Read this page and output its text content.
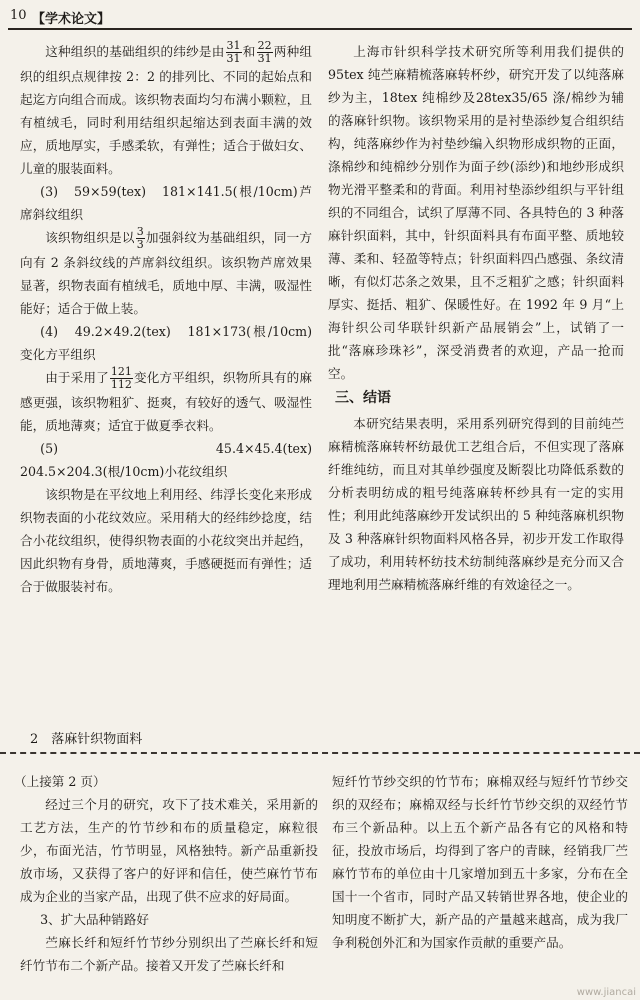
10 【学术论文】

这种组织的基础组织的纬纱是由 $\frac{31}{31}$ 和 $\frac{22}{31}$ 两种组织的组织点规律按 2：2 的排列比、不同的起始点和起迄方向组合而成。该织物表面均匀布满小颗粒，且有植绒毛，同时利用结组织起缩达到表面丰满的效应，质地厚实，手感柔软，有弹性；适合于做妇女、儿童的服装面料。

(3)　59×59(tex)　181×141.5(根/10cm)芦席斜纹组织

该织物组织是以 $\frac{3}{3}$ 加强斜纹为基础组织，同一方向有 2 条斜纹线的芦席斜纹组织。该织物芦席效果显著，织物表面有植绒毛，质地中厚、丰满，吸湿性能好；适合于做上装。

(4)　49.2×49.2(tex)　181×173(根/10cm)变化方平组织

由于采用了 $\frac{121}{112}$ 变化方平组织，织物所具有的麻感更强，该织物粗犷、挺爽，有较好的透气、吸湿性能，质地薄爽；适宜于做夏季衣料。

(5)　45.4×45.4(tex)　204.5×204.3(根/10cm)小花纹组织

该织物是在平纹地上利用经、纬浮长变化来形成织物表面的小花纹效应。采用稍大的经纬纱捻度，结合小花纹组织，使得织物表面的小花纹突出并起绉，因此织物有身骨，质地薄爽，手感硬挺而有弹性；适合于做服装衬布。

上海市针织科学技术研究所等利用我们提供的 95tex 纯苎麻精梳落麻转杯纱，研究开发了以纯落麻纱为主，18tex 纯棉纱及28tex35/65 涤/棉纱为辅的落麻针织物。该织物采用的是衬垫添纱复合组织结构，纯落麻纱作为衬垫纱编入织物形成织物的正面，涤棉纱和纯棉纱分别作为面子纱(添纱)和地纱形成织物光滑平整柔和的背面。利用衬垫添纱组织与平针组织的不同组合，试织了厚薄不同、各具特色的 3 种落麻针织面料，其中，针织面料具有布面平整、质地较薄、柔和、轻盈等特点；针织面料四凸感强、条纹清晰，有似灯芯条之效果，且不乏粗犷之感；针织面料厚实、挺括、粗犷、保暖性好。在 1992 年 9 月“上海针织公司华联针织新产品展销会”上，试销了一批“落麻珍珠衫”，深受消费者的欢迎，产品一抢而空。

三、结语

本研究结果表明，采用系列研究得到的目前纯苎麻精梳落麻转杯纺最优工艺组合后，不但实现了落麻纤维纯纺，而且对其单纱强度及断裂比功降低系数的分析表明纺成的粗号纯落麻转杯纱具有一定的实用性；利用此纯落麻纱开发试织出的 5 种纯落麻机织物及 3 种落麻针织物面料风格各异，初步开发工作取得了成功，利用转杯纺技术纺制纯落麻纱是充分而又合理地利用苎麻精梳落麻纤维的有效途径之一。

2　落麻针织物面料

（上接第 2 页）

经过三个月的研究，攻下了技术难关，采用新的工艺方法，生产的竹节纱和布的质量稳定，麻粒很少，布面光洁，竹节明显，风格独特。新产品重新投放市场，又获得了客户的好评和信任，使苎麻竹节布成为企业的当家产品，出现了供不应求的好局面。

3、扩大品种销路好

苎麻长纤和短纤竹节纱分别织出了苎麻长纤和短纤竹节布二个新产品。接着又开发了苎麻长纤和

短纤竹节纱交织的竹节布；麻棉双经与短纤竹节纱交织的双经布；麻棉双经与长纤竹节纱交织的双经竹节布三个新品种。以上五个新产品各有它的风格和特征，投放市场后，均得到了客户的青睐，经销我厂苎麻竹节布的单位由十几家增加到五十多家，分布在全国十一个省市，同时产品又转销世界各地，使企业的知明度不断扩大，新产品的产量越来越高，成为我厂争利税创外汇和为国家作贡献的重要产品。

www.jiancai
